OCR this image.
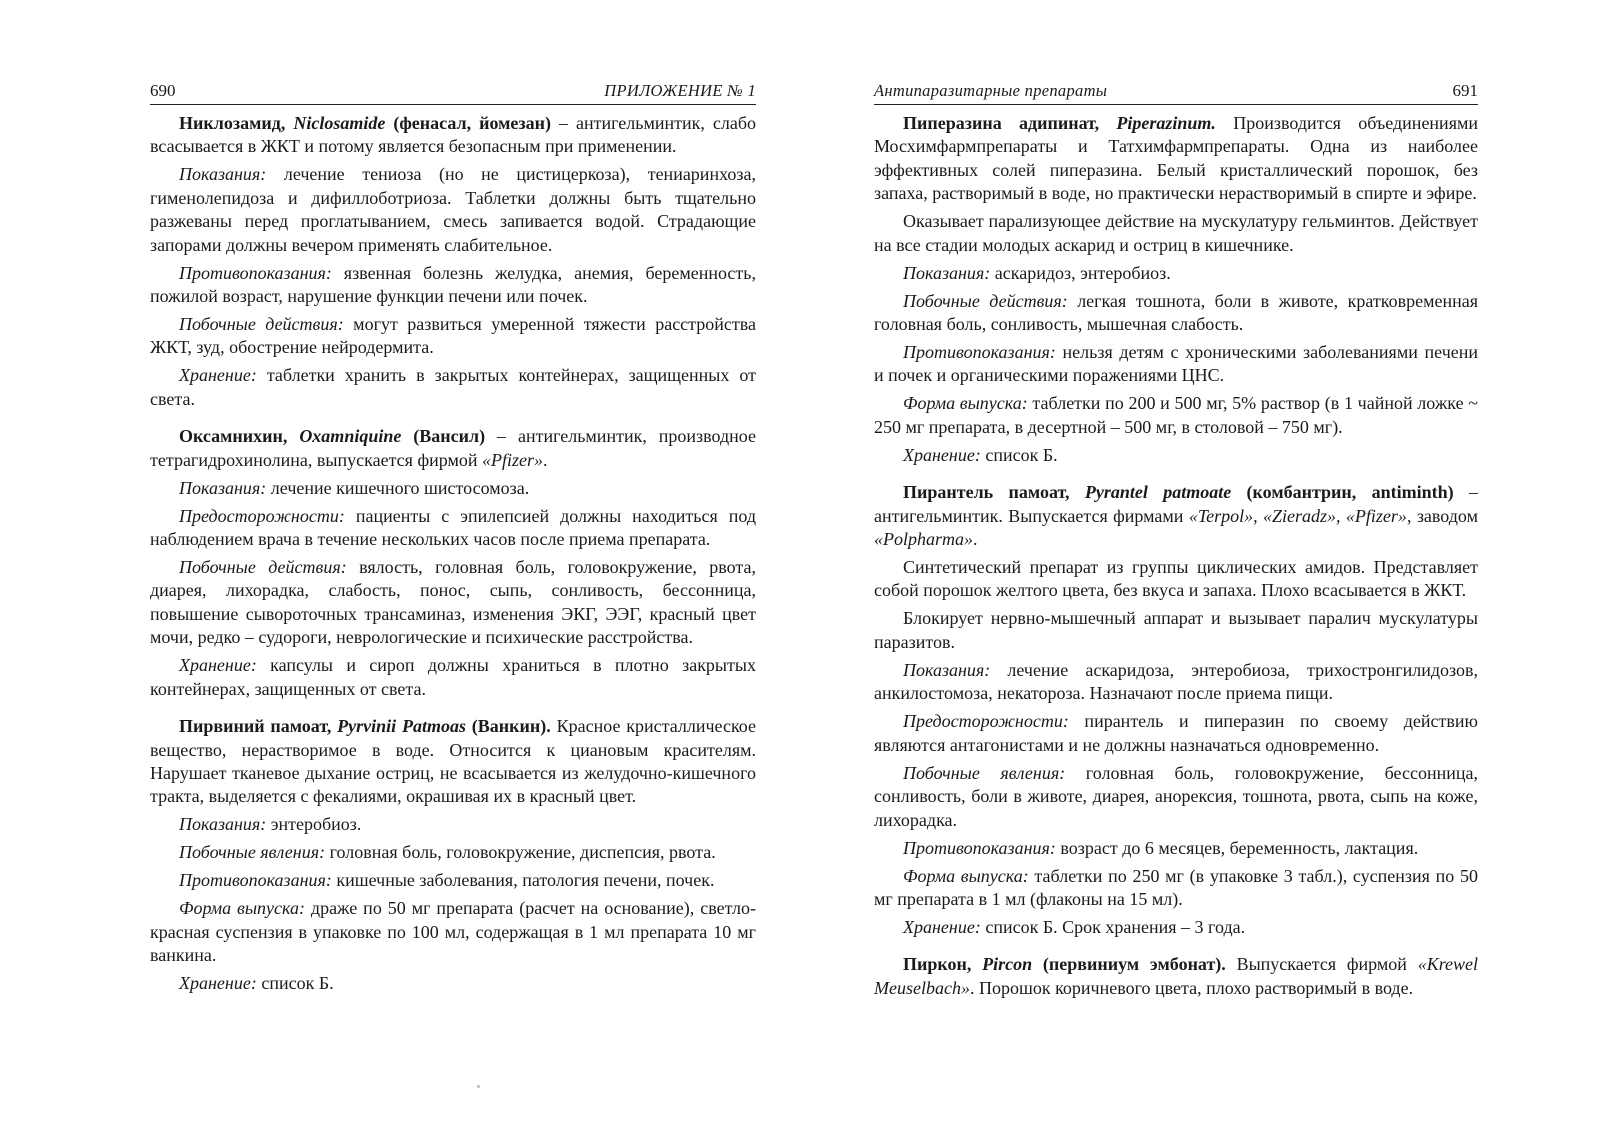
690	ПРИЛОЖЕНИЕ № 1

Никлозамид, Niclosamide (фенасал, йомезан) – антигельминтик, слабо всасывается в ЖКТ и потому является безопасным при применении.

Показания: лечение тениоза (но не цистицеркоза), тениаринхоза, гименолепидоза и дифиллоботриоза. Таблетки должны быть тщательно разжеваны перед проглатыванием, смесь запивается водой. Страдающие запорами должны вечером применять слабительное.

Противопоказания: язвенная болезнь желудка, анемия, беременность, пожилой возраст, нарушение функции печени или почек.

Побочные действия: могут развиться умеренной тяжести расстройства ЖКТ, зуд, обострение нейродермита.

Хранение: таблетки хранить в закрытых контейнерах, защищенных от света.

Оксамнихин, Oxamniquine (Вансил) – антигельминтик, производное тетрагидрохинолина, выпускается фирмой «Pfizer».

Показания: лечение кишечного шистосомоза.

Предосторожности: пациенты с эпилепсией должны находиться под наблюдением врача в течение нескольких часов после приема препарата.

Побочные действия: вялость, головная боль, головокружение, рвота, диарея, лихорадка, слабость, понос, сыпь, сонливость, бессонница, повышение сывороточных трансаминаз, изменения ЭКГ, ЭЭГ, красный цвет мочи, редко – судороги, неврологические и психические расстройства.

Хранение: капсулы и сироп должны храниться в плотно закрытых контейнерах, защищенных от света.

Пирвиний памоат, Pyrvinii Patmoas (Ванкин). Красное кристаллическое вещество, нерастворимое в воде. Относится к циановым красителям. Нарушает тканевое дыхание остриц, не всасывается из желудочно-кишечного тракта, выделяется с фекалиями, окрашивая их в красный цвет.

Показания: энтеробиоз.

Побочные явления: головная боль, головокружение, диспепсия, рвота.

Противопоказания: кишечные заболевания, патология печени, почек.

Форма выпуска: драже по 50 мг препарата (расчет на основание), светло-красная суспензия в упаковке по 100 мл, содержащая в 1 мл препарата 10 мг ванкина.

Хранение: список Б.

Антипаразитарные препараты	691

Пиперазина адипинат, Piperazinum. Производится объединениями Мосхимфармпрепараты и Татхимфармпрепараты. Одна из наиболее эффективных солей пиперазина. Белый кристаллический порошок, без запаха, растворимый в воде, но практически нерастворимый в спирте и эфире.

Оказывает парализующее действие на мускулатуру гельминтов. Действует на все стадии молодых аскарид и остриц в кишечнике.

Показания: аскаридоз, энтеробиоз.

Побочные действия: легкая тошнота, боли в животе, кратковременная головная боль, сонливость, мышечная слабость.

Противопоказания: нельзя детям с хроническими заболеваниями печени и почек и органическими поражениями ЦНС.

Форма выпуска: таблетки по 200 и 500 мг, 5% раствор (в 1 чайной ложке ~ 250 мг препарата, в десертной – 500 мг, в столовой – 750 мг).

Хранение: список Б.

Пирантель памоат, Pyrantel patmoate (комбантрин, antiminth) – антигельминтик. Выпускается фирмами «Terpol», «Zieradz», «Pfizer», заводом «Polpharma».

Синтетический препарат из группы циклических амидов. Представляет собой порошок желтого цвета, без вкуса и запаха. Плохо всасывается в ЖКТ.

Блокирует нервно-мышечный аппарат и вызывает паралич мускулатуры паразитов.

Показания: лечение аскаридоза, энтеробиоза, трихостронгилидозов, анкилостомоза, некатороза. Назначают после приема пищи.

Предосторожности: пирантель и пиперазин по своему действию являются антагонистами и не должны назначаться одновременно.

Побочные явления: головная боль, головокружение, бессонница, сонливость, боли в животе, диарея, анорексия, тошнота, рвота, сыпь на коже, лихорадка.

Противопоказания: возраст до 6 месяцев, беременность, лактация.

Форма выпуска: таблетки по 250 мг (в упаковке 3 табл.), суспензия по 50 мг препарата в 1 мл (флаконы на 15 мл).

Хранение: список Б. Срок хранения – 3 года.

Пиркон, Pircon (первиниум эмбонат). Выпускается фирмой «Krewel Meuselbach». Порошок коричневого цвета, плохо растворимый в воде.
